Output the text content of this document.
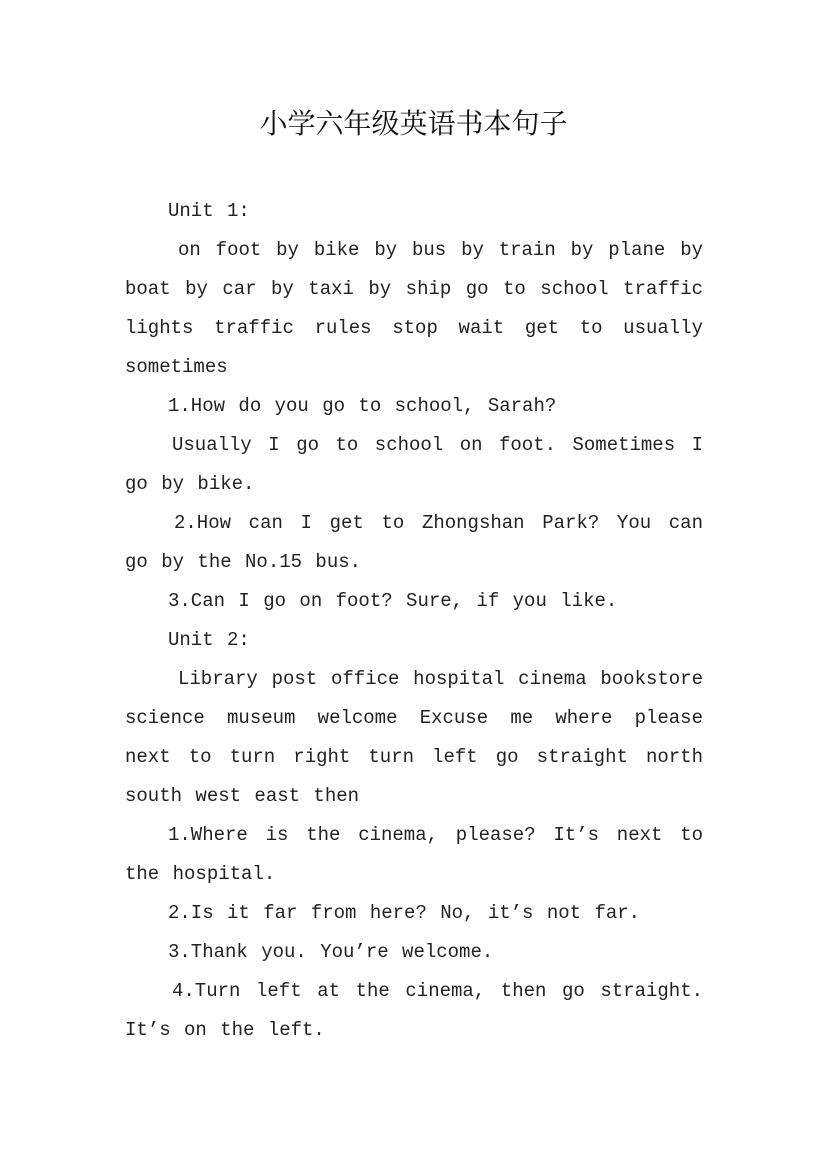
小学六年级英语书本句子

Unit 1:

on foot by bike by bus by train by plane by boat by car by taxi by ship go to school traffic lights traffic rules stop wait get to usually sometimes

1.How do you go to school, Sarah?

Usually I go to school on foot. Sometimes I go by bike.

2.How can I get to Zhongshan Park? You can go by the No.15 bus.

3.Can I go on foot? Sure, if you like.

Unit 2:

Library post office hospital cinema bookstore science museum welcome Excuse me where please next to turn right turn left go straight north south west east then

1.Where is the cinema, please? It’s next to the hospital.

2.Is it far from here? No, it’s not far.

3.Thank you. You’re welcome.

4.Turn left at the cinema, then go straight. It’s on the left.
